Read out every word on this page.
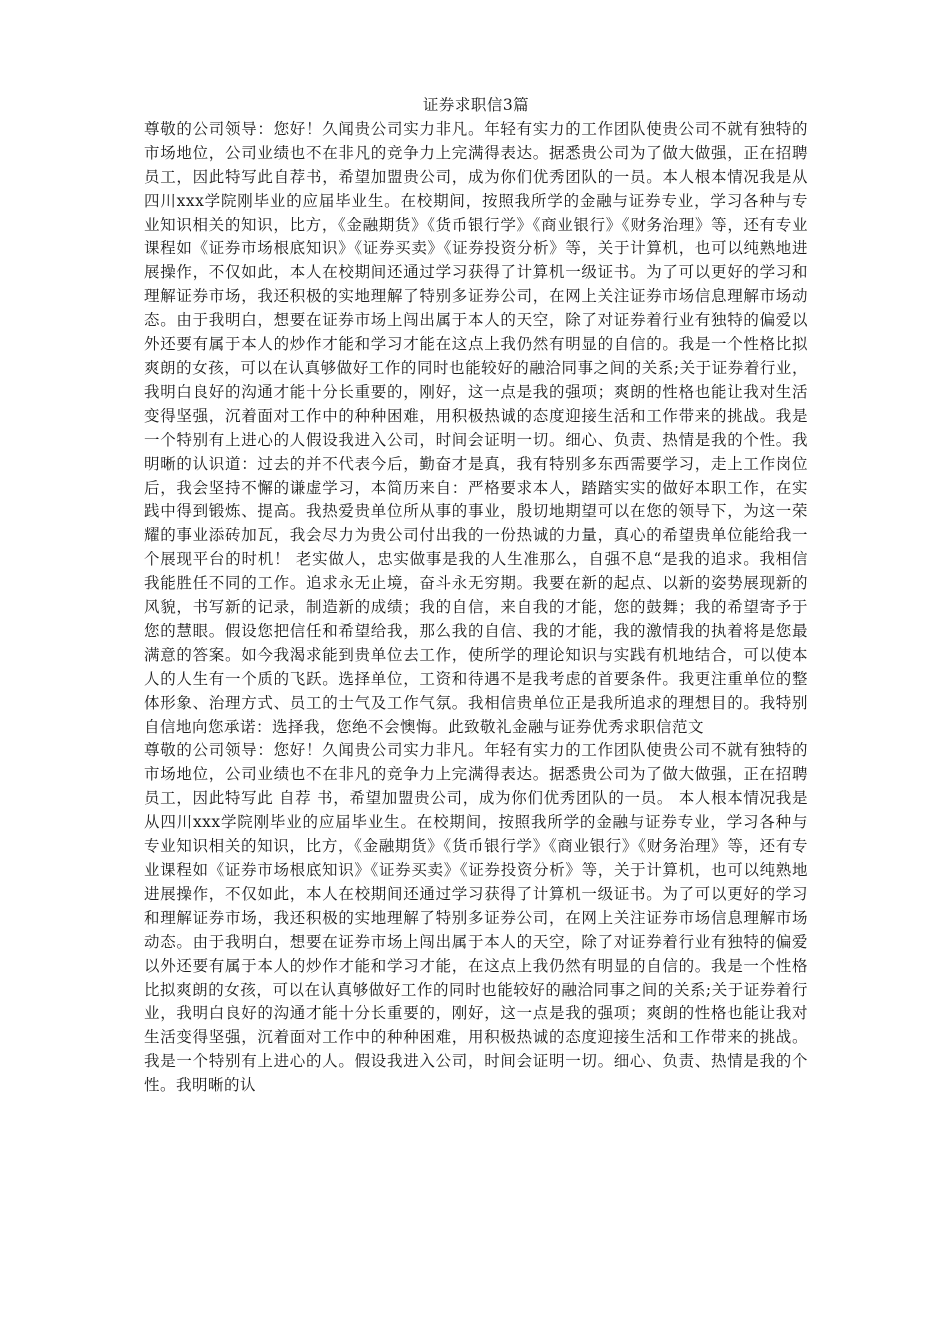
证券求职信3篇

尊敬的公司领导：您好！久闻贵公司实力非凡。年轻有实力的工作团队使贵公司不就有独特的市场地位，公司业绩也不在非凡的竞争力上完满得表达。据悉贵公司为了做大做强，正在招聘员工，因此特写此自荐书，希望加盟贵公司，成为你们优秀团队的一员。本人根本情况我是从四川xxx学院刚毕业的应届毕业生。在校期间，按照我所学的金融与证券专业，学习各种与专业知识相关的知识，比方，《金融期货》《货币银行学》《商业银行》《财务治理》等，还有专业课程如《证券市场根底知识》《证券买卖》《证券投资分析》等，关于计算机，也可以纯熟地进展操作，不仅如此，本人在校期间还通过学习获得了计算机一级证书。为了可以更好的学习和理解证券市场，我还积极的实地理解了特别多证券公司，在网上关注证券市场信息理解市场动态。由于我明白，想要在证券市场上闯出属于本人的天空，除了对证券着行业有独特的偏爱以外还要有属于本人的炒作才能和学习才能在这点上我仍然有明显的自信的。我是一个性格比拟爽朗的女孩，可以在认真够做好工作的同时也能较好的融洽同事之间的关系;关于证券着行业，我明白良好的沟通才能十分长重要的，刚好，这一点是我的强项；爽朗的性格也能让我对生活变得坚强，沉着面对工作中的种种困难，用积极热诚的态度迎接生活和工作带来的挑战。我是一个特别有上进心的人假设我进入公司，时间会证明一切。细心、负责、热情是我的个性。我明晰的认识道：过去的并不代表今后，勤奋才是真，我有特别多东西需要学习，走上工作岗位后，我会坚持不懈的谦虚学习，本简历来自：严格要求本人，踏踏实实的做好本职工作，在实践中得到锻炼、提高。我热爱贵单位所从事的事业，殷切地期望可以在您的领导下，为这一荣耀的事业添砖加瓦，我会尽力为贵公司付出我的一份热诚的力量，真心的希望贵单位能给我一个展现平台的时机！ 老实做人，忠实做事是我的人生准那么，自强不息“是我的追求。我相信我能胜任不同的工作。追求永无止境，奋斗永无穷期。我要在新的起点、以新的姿势展现新的风貌，书写新的记录，制造新的成绩；我的自信，来自我的才能，您的鼓舞；我的希望寄予于您的慧眼。假设您把信任和希望给我，那么我的自信、我的才能，我的激情我的执着将是您最满意的答案。如今我渴求能到贵单位去工作，使所学的理论知识与实践有机地结合，可以使本人的人生有一个质的飞跃。选择单位，工资和待遇不是我考虑的首要条件。我更注重单位的整体形象、治理方式、员工的士气及工作气氛。我相信贵单位正是我所追求的理想目的。我特别自信地向您承诺：选择我，您绝不会懊悔。此致敬礼金融与证券优秀求职信范文

尊敬的公司领导：您好！久闻贵公司实力非凡。年轻有实力的工作团队使贵公司不就有独特的市场地位，公司业绩也不在非凡的竞争力上完满得表达。据悉贵公司为了做大做强，正在招聘员工，因此特写此 自荐 书，希望加盟贵公司，成为你们优秀团队的一员。 本人根本情况我是从四川xxx学院刚毕业的应届毕业生。在校期间，按照我所学的金融与证券专业，学习各种与专业知识相关的知识，比方，《金融期货》《货币银行学》《商业银行》《财务治理》等，还有专业课程如《证券市场根底知识》《证券买卖》《证券投资分析》等，关于计算机，也可以纯熟地进展操作，不仅如此，本人在校期间还通过学习获得了计算机一级证书。为了可以更好的学习和理解证券市场，我还积极的实地理解了特别多证券公司，在网上关注证券市场信息理解市场动态。由于我明白，想要在证券市场上闯出属于本人的天空，除了对证券着行业有独特的偏爱以外还要有属于本人的炒作才能和学习才能，在这点上我仍然有明显的自信的。我是一个性格比拟爽朗的女孩，可以在认真够做好工作的同时也能较好的融洽同事之间的关系;关于证券着行业，我明白良好的沟通才能十分长重要的，刚好，这一点是我的强项；爽朗的性格也能让我对生活变得坚强，沉着面对工作中的种种困难，用积极热诚的态度迎接生活和工作带来的挑战。我是一个特别有上进心的人。假设我进入公司，时间会证明一切。细心、负责、热情是我的个性。我明晰的认
